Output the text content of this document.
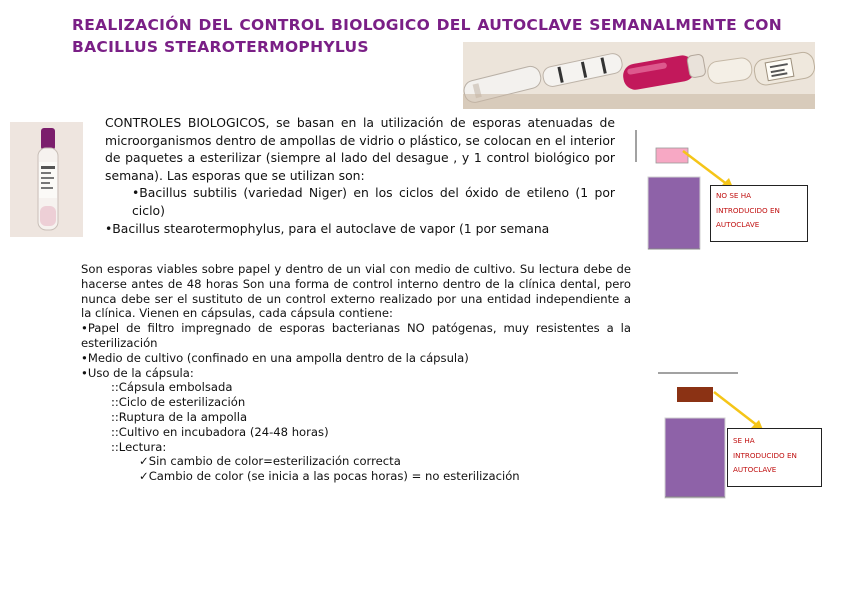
REALIZACIÓN DEL CONTROL BIOLOGICO DEL AUTOCLAVE SEMANALMENTE CON BACILLUS STEAROTERMOPHYLUS

CONTROLES BIOLOGICOS, se basan en la utilización de esporas atenuadas de microorganismos dentro de ampollas de vidrio o plástico, se colocan en el interior de paquetes a esterilizar (siempre al lado del desague , y 1 control biológico por semana). Las esporas que se utilizan son:

•Bacillus subtilis (variedad Niger) en los ciclos del óxido de etileno (1 por ciclo)

•Bacillus stearotermophylus, para el autoclave de vapor (1 por semana

Son esporas viables sobre papel y dentro de un vial con medio de cultivo. Su lectura debe de hacerse antes de 48 horas Son una forma de control interno dentro de la clínica dental, pero nunca debe ser el sustituto de un control externo realizado por una entidad independiente a la clínica. Vienen en cápsulas, cada cápsula contiene:

•Papel de filtro impregnado de esporas bacterianas NO patógenas, muy resistentes a la esterilización

•Medio de cultivo (confinado en una ampolla dentro de la cápsula)

•Uso de la cápsula:

::Cápsula embolsada

::Ciclo de esterilización

::Ruptura de la ampolla

::Cultivo en incubadora (24-48 horas)

::Lectura:

✓Sin cambio de color=esterilización correcta

✓Cambio de color (se inicia a las pocas horas) = no esterilización

NO SE HA
INTRODUCIDO EN
AUTOCLAVE
SE HA
INTRODUCIDO EN
AUTOCLAVE
